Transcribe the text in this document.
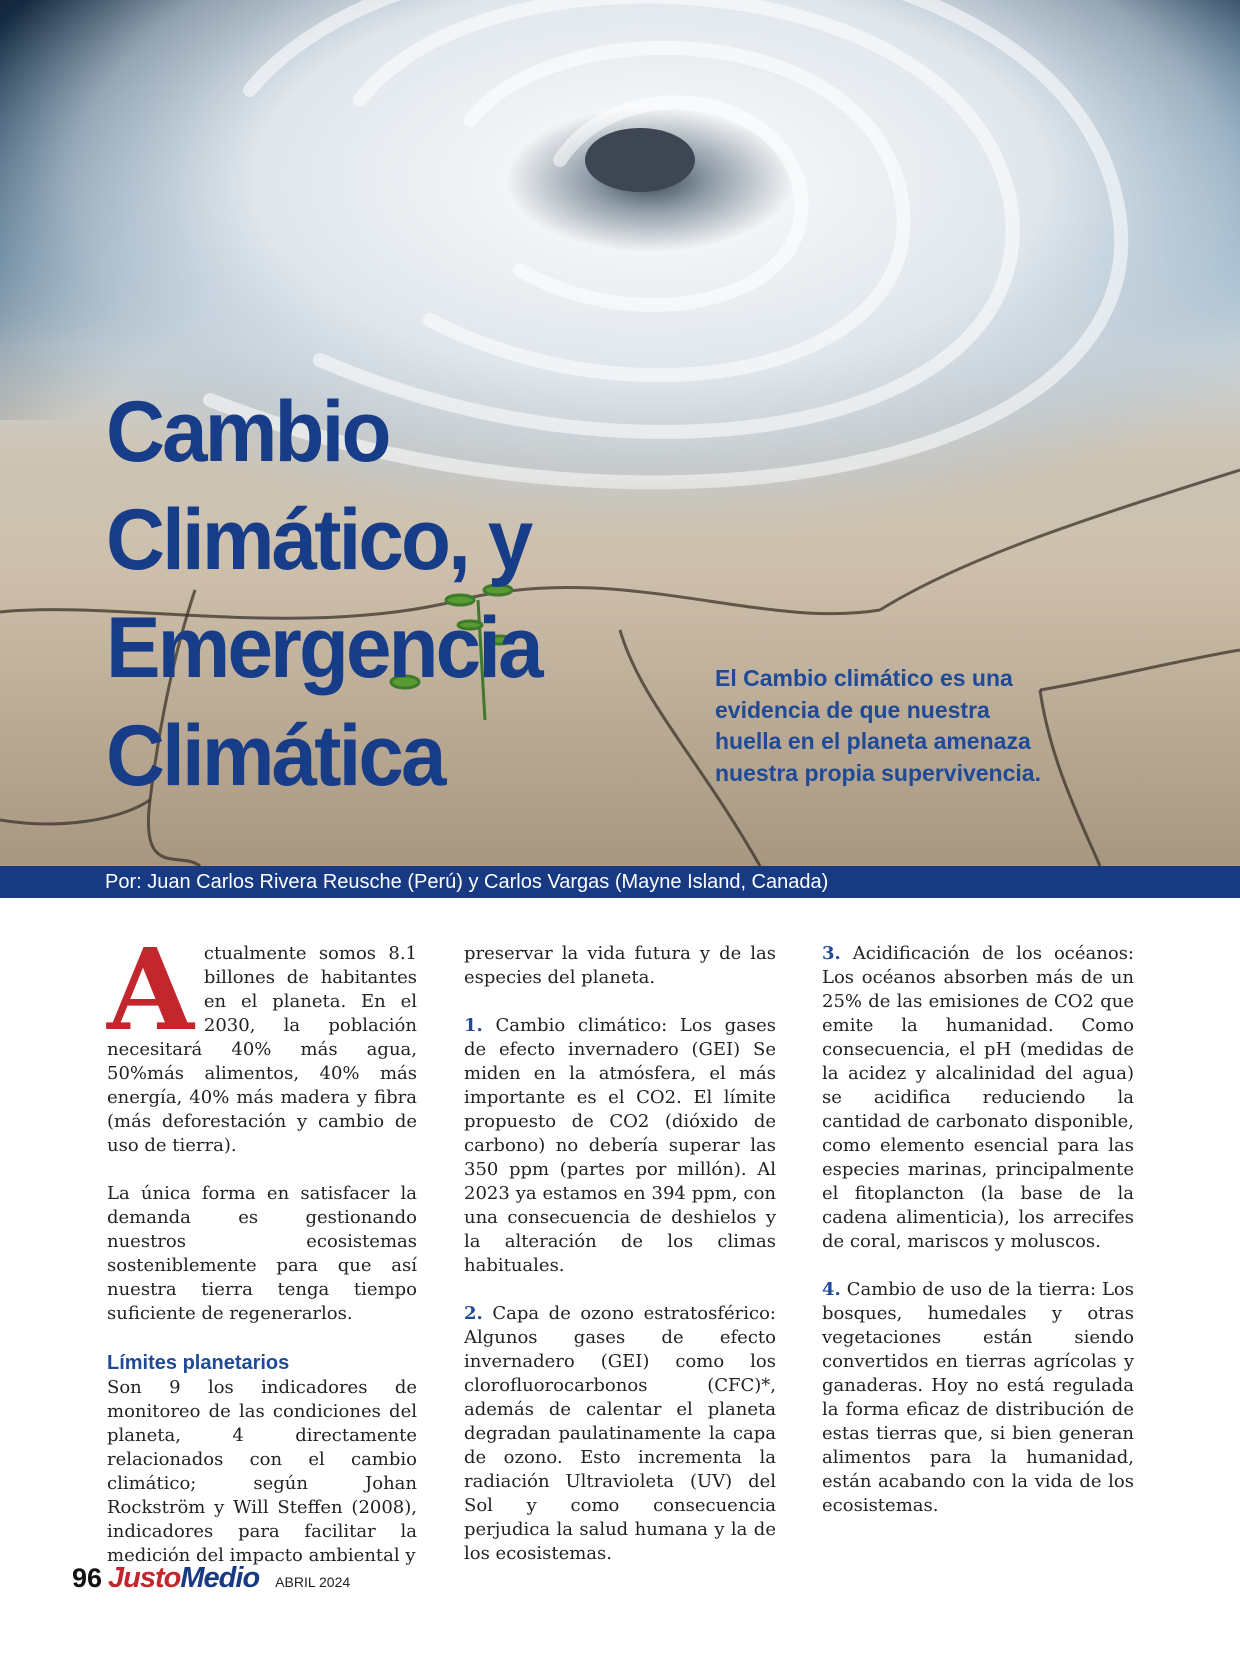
Cambio
Climático, y
Emergencia
Climática
El Cambio climático es una evidencia de que nuestra huella en el planeta amenaza nuestra propia supervivencia.
Por: Juan Carlos Rivera Reusche (Perú) y Carlos Vargas (Mayne Island, Canada)

Actualmente somos 8.1 billones de habitantes en el planeta. En el 2030, la población necesitará 40% más agua, 50%más alimentos, 40% más energía, 40% más madera y fibra (más deforestación y cambio de uso de tierra).

La única forma en satisfacer la demanda es gestionando nuestros ecosistemas sosteniblemente para que así nuestra tierra tenga tiempo suficiente de regenerarlos.

Límites planetarios

Son 9 los indicadores de monitoreo de las condiciones del planeta, 4 directamente relacionados con el cambio climático; según Johan Rockström y Will Steffen (2008), indicadores para facilitar la medición del impacto ambiental y

preservar la vida futura y de las especies del planeta.

1. Cambio climático: Los gases de efecto invernadero (GEI) Se miden en la atmósfera, el más importante es el CO2. El límite propuesto de CO2 (dióxido de carbono) no debería superar las 350 ppm (partes por millón). Al 2023 ya estamos en 394 ppm, con una consecuencia de deshielos y la alteración de los climas habituales.

2. Capa de ozono estratosférico: Algunos gases de efecto invernadero (GEI) como los clorofluorocarbonos (CFC)*, además de calentar el planeta degradan paulatinamente la capa de ozono. Esto incrementa la radiación Ultravioleta (UV) del Sol y como consecuencia perjudica la salud humana y la de los ecosistemas.

3. Acidificación de los océanos: Los océanos absorben más de un 25% de las emisiones de CO2 que emite la humanidad. Como consecuencia, el pH (medidas de la acidez y alcalinidad del agua) se acidifica reduciendo la cantidad de carbonato disponible, como elemento esencial para las especies marinas, principalmente el fitoplancton (la base de la cadena alimenticia), los arrecifes de coral, mariscos y moluscos.

4. Cambio de uso de la tierra: Los bosques, humedales y otras vegetaciones están siendo convertidos en tierras agrícolas y ganaderas. Hoy no está regulada la forma eficaz de distribución de estas tierras que, si bien generan alimentos para la humanidad, están acabando con la vida de los ecosistemas.

96 Justo Medio ABRIL 2024
